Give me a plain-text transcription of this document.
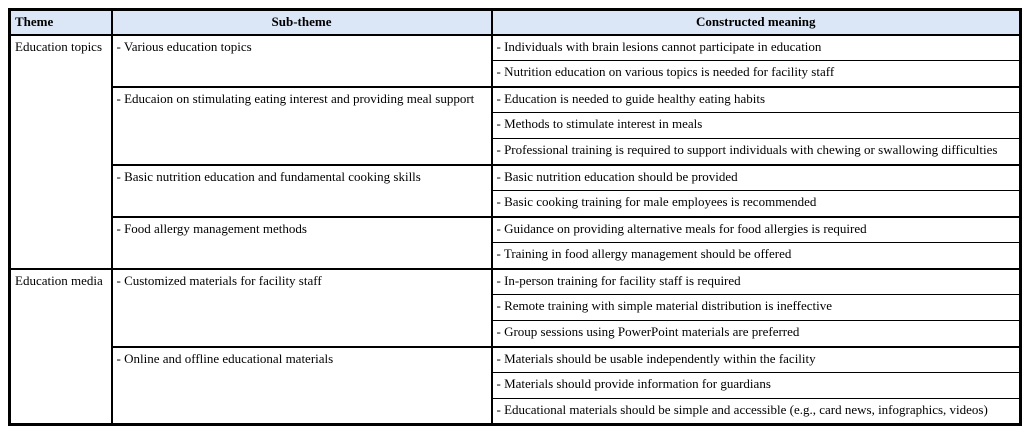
Theme	Sub-theme	Constructed meaning
Education topics	- Various education topics	- Individuals with brain lesions cannot participate in education
		- Nutrition education on various topics is needed for facility staff
	- Educaion on stimulating eating interest and providing meal support	- Education is needed to guide healthy eating habits
		- Methods to stimulate interest in meals
		- Professional training is required to support individuals with chewing or swallowing difficulties
	- Basic nutrition education and fundamental cooking skills	- Basic nutrition education should be provided
		- Basic cooking training for male employees is recommended
	- Food allergy management methods	- Guidance on providing alternative meals for food allergies is required
		- Training in food allergy management should be offered
Education media	- Customized materials for facility staff	- In-person training for facility staff is required
		- Remote training with simple material distribution is ineffective
		- Group sessions using PowerPoint materials are preferred
	- Online and offline educational materials	- Materials should be usable independently within the facility
		- Materials should provide information for guardians
		- Educational materials should be simple and accessible (e.g., card news, infographics, videos)
